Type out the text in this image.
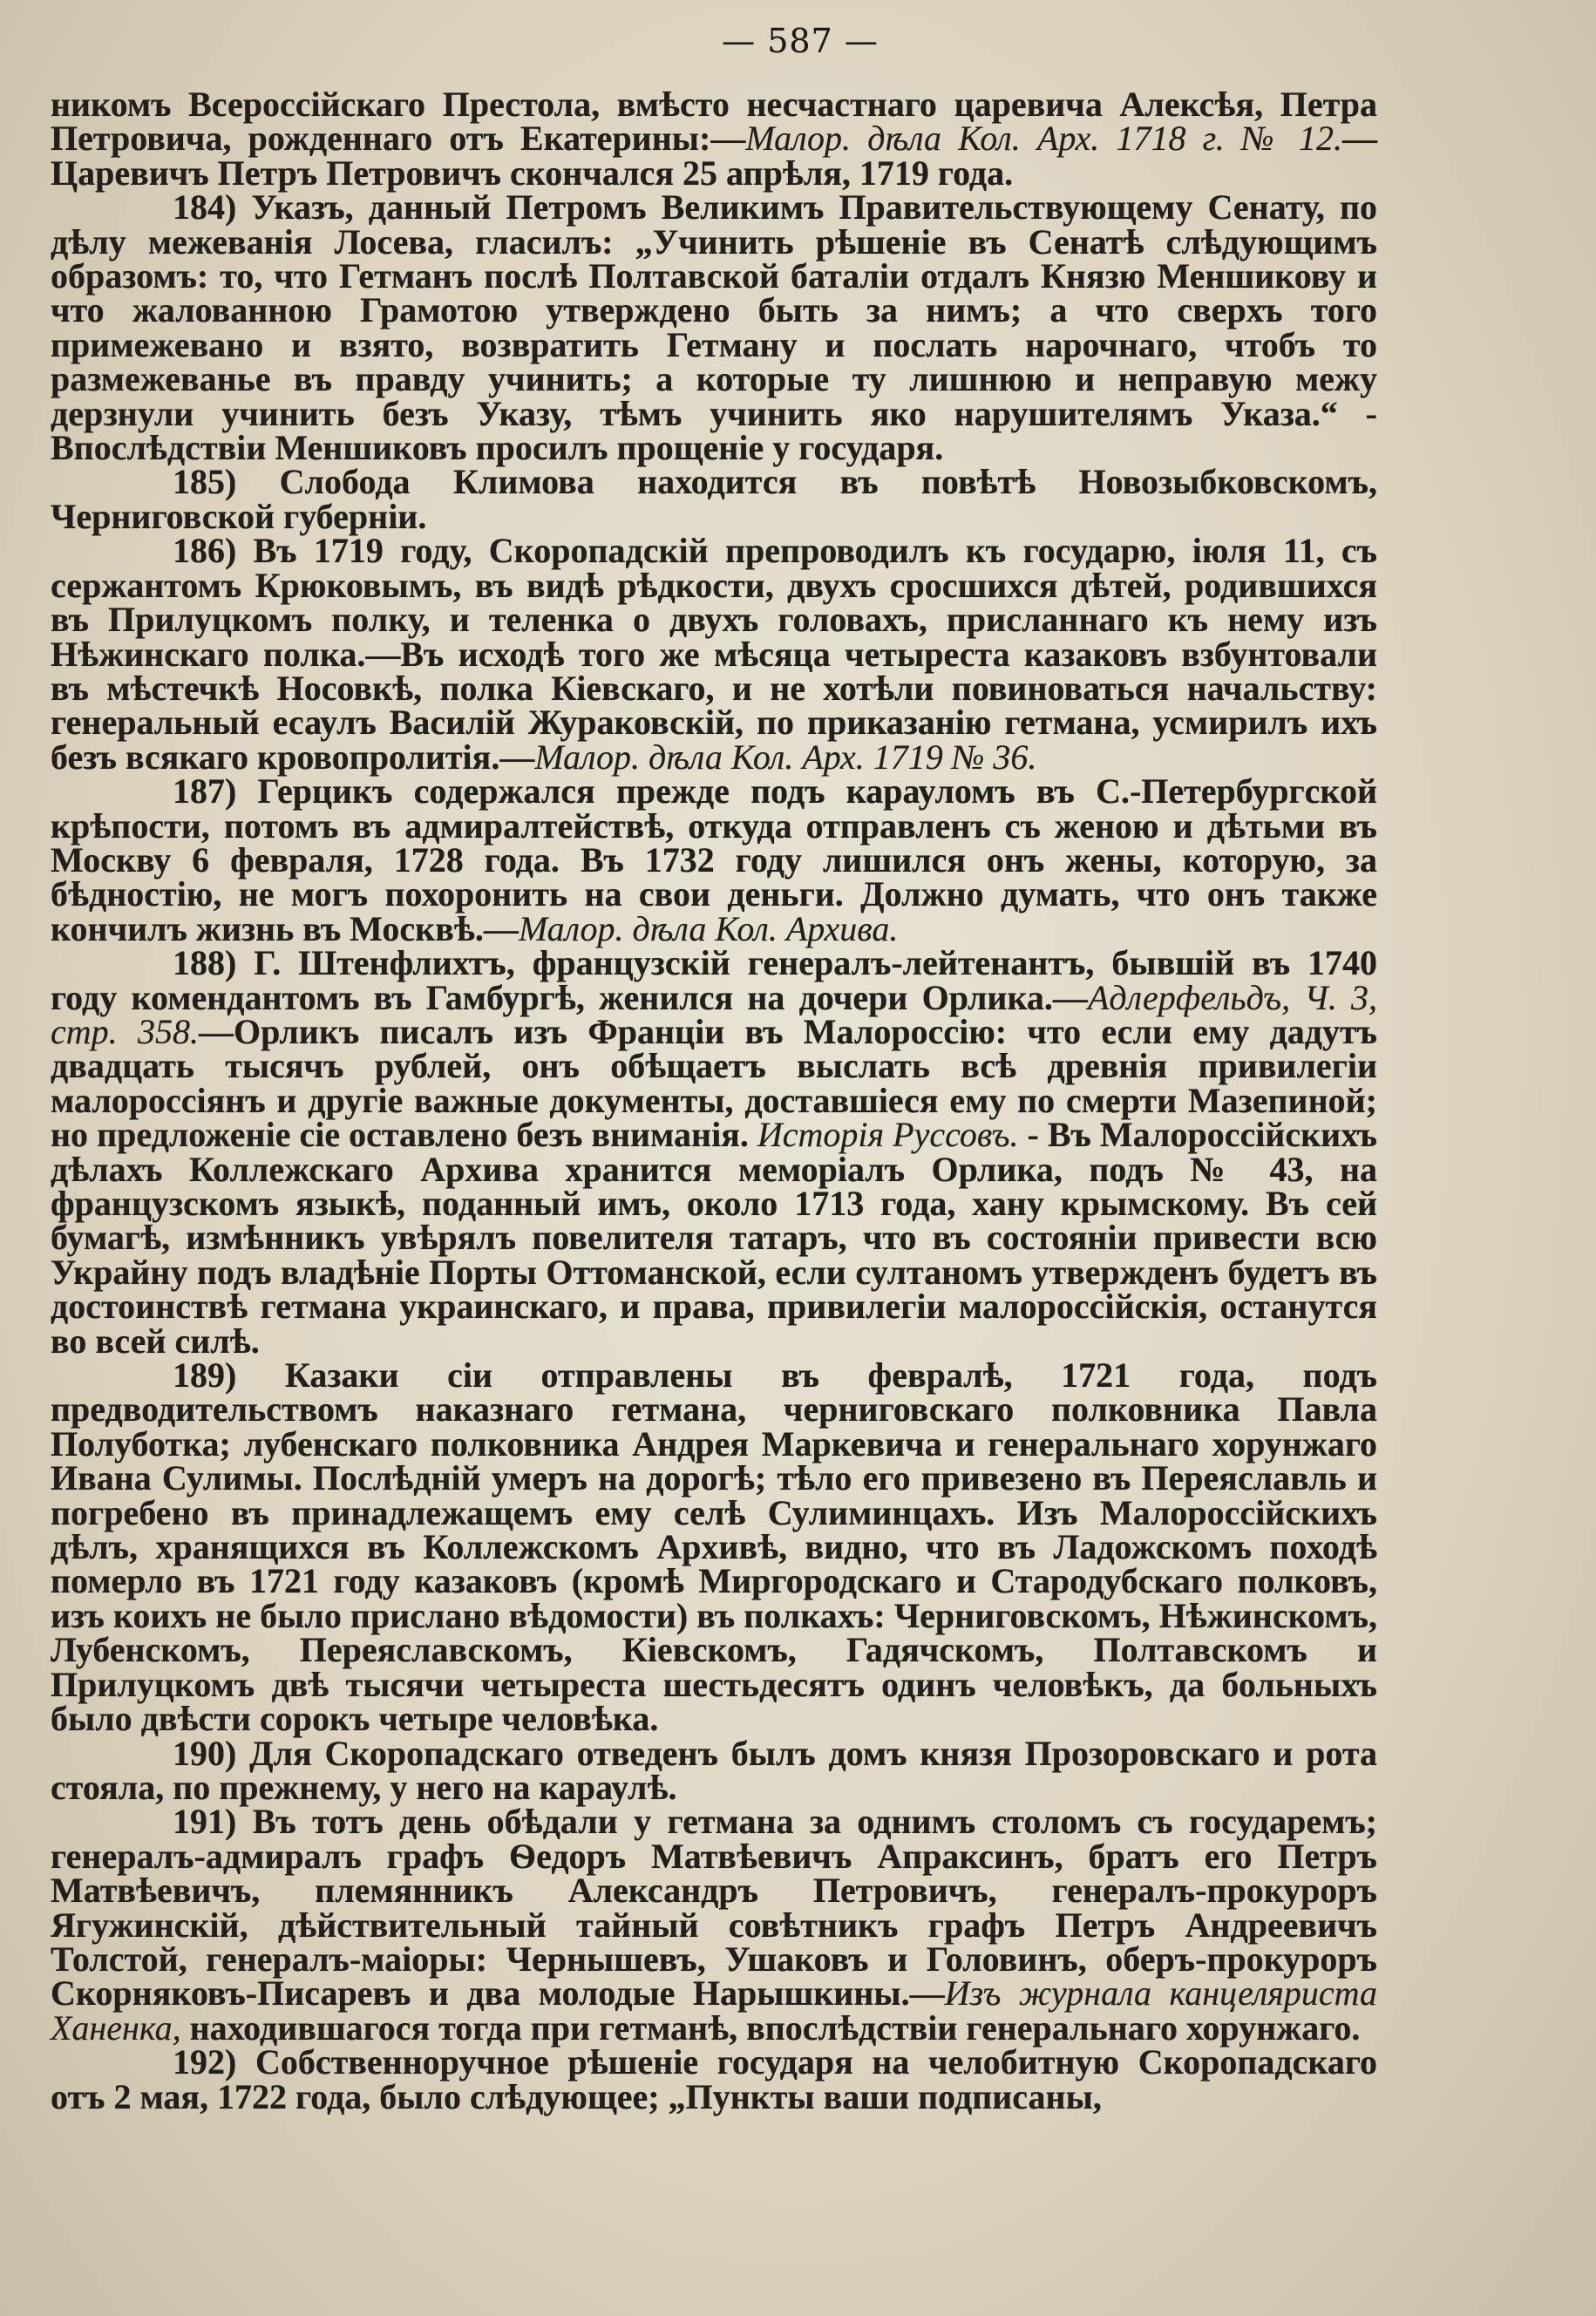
— 587 —

никомъ Всероссійскаго Престола, вмѣсто несчастнаго царевича Алексѣя, Петра Петровича, рожденнаго отъ Екатерины:—Малор. дѣла Кол. Арх. 1718 г. № 12.—Царевичъ Петръ Петровичъ скончался 25 апрѣля, 1719 года.

184) Указъ, данный Петромъ Великимъ Правительствующему Сенату, по дѣлу межеванія Лосева, гласилъ: „Учинить рѣшеніе въ Сенатѣ слѣдующимъ образомъ: то, что Гетманъ послѣ Полтавской баталіи отдалъ Князю Меншикову и что жалованною Грамотою утверждено быть за нимъ; а что сверхъ того примежевано и взято, возвратить Гетману и послать нарочнаго, чтобъ то размежеванье въ правду учинить; а которые ту лишнюю и неправую межу дерзнули учинить безъ Указу, тѣмъ учинить яко нарушителямъ Указа.“ - Впослѣдствіи Меншиковъ просилъ прощеніе у государя.

185) Слобода Климова находится въ повѣтѣ Новозыбковскомъ, Черниговской губерніи.

186) Въ 1719 году, Скоропадскій препроводилъ къ государю, іюля 11, съ сержантомъ Крюковымъ, въ видѣ рѣдкости, двухъ сросшихся дѣтей, родившихся въ Прилуцкомъ полку, и теленка о двухъ головахъ, присланнаго къ нему изъ Нѣжинскаго полка.—Въ исходѣ того же мѣсяца четыреста казаковъ взбунтовали въ мѣстечкѣ Носовкѣ, полка Кіевскаго, и не хотѣли повиноваться начальству: генеральный есаулъ Василій Жураковскій, по приказанію гетмана, усмирилъ ихъ безъ всякаго кровопролитія.—Малор. дѣла Кол. Арх. 1719 № 36.

187) Герцикъ содержался прежде подъ карауломъ въ С.-Петербургской крѣпости, потомъ въ адмиралтействѣ, откуда отправленъ съ женою и дѣтьми въ Москву 6 февраля, 1728 года. Въ 1732 году лишился онъ жены, которую, за бѣдностію, не могъ похоронить на свои деньги. Должно думать, что онъ также кончилъ жизнь въ Москвѣ.—Малор. дѣла Кол. Архива.

188) Г. Штенфлихтъ, французскій генералъ-лейтенантъ, бывшій въ 1740 году комендантомъ въ Гамбургѣ, женился на дочери Орлика.—Адлерфельдъ, Ч. 3, стр. 358.—Орликъ писалъ изъ Франціи въ Малороссію: что если ему дадутъ двадцать тысячъ рублей, онъ обѣщаетъ выслать всѣ древнія привилегіи малороссіянъ и другіе важные документы, доставшіеся ему по смерти Мазепиной; но предложеніе сіе оставлено безъ вниманія. Исторія Руссовъ. - Въ Малороссійскихъ дѣлахъ Коллежскаго Архива хранится меморіалъ Орлика, подъ № 43, на французскомъ языкѣ, поданный имъ, около 1713 года, хану крымскому. Въ сей бумагѣ, измѣнникъ увѣрялъ повелителя татаръ, что въ состояніи привести всю Украйну подъ владѣніе Порты Оттоманской, если султаномъ утвержденъ будетъ въ достоинствѣ гетмана украинскаго, и права, привилегіи малороссійскія, останутся во всей силѣ.

189) Казаки сіи отправлены въ февралѣ, 1721 года, подъ предводительствомъ наказнаго гетмана, черниговскаго полковника Павла Полуботка; лубенскаго полковника Андрея Маркевича и генеральнаго хорунжаго Ивана Сулимы. Послѣдній умеръ на дорогѣ; тѣло его привезено въ Переяславль и погребено въ принадлежащемъ ему селѣ Сулиминцахъ. Изъ Малороссійскихъ дѣлъ, хранящихся въ Коллежскомъ Архивѣ, видно, что въ Ладожскомъ походѣ померло въ 1721 году казаковъ (кромѣ Миргородскаго и Стародубскаго полковъ, изъ коихъ не было прислано вѣдомости) въ полкахъ: Черниговскомъ, Нѣжинскомъ, Лубенскомъ, Переяславскомъ, Кіевскомъ, Гадячскомъ, Полтавскомъ и Прилуцкомъ двѣ тысячи четыреста шестьдесятъ одинъ человѣкъ, да больныхъ было двѣсти сорокъ четыре человѣка.

190) Для Скоропадскаго отведенъ былъ домъ князя Прозоровскаго и рота стояла, по прежнему, у него на караулѣ.

191) Въ тотъ день обѣдали у гетмана за однимъ столомъ съ государемъ; генералъ-адмиралъ графъ Ѳедоръ Матвѣевичъ Апраксинъ, братъ его Петръ Матвѣевичъ, племянникъ Александръ Петровичъ, генералъ-прокуроръ Ягужинскій, дѣйствительный тайный совѣтникъ графъ Петръ Андреевичъ Толстой, генералъ-маіоры: Чернышевъ, Ушаковъ и Головинъ, оберъ-прокуроръ Скорняковъ-Писаревъ и два молодые Нарышкины.—Изъ журнала канцеляриста Ханенка, находившагося тогда при гетманѣ, впослѣдствіи генеральнаго хорунжаго.

192) Собственноручное рѣшеніе государя на челобитную Скоропадскаго отъ 2 мая, 1722 года, было слѣдующее; „Пункты ваши подписаны,
